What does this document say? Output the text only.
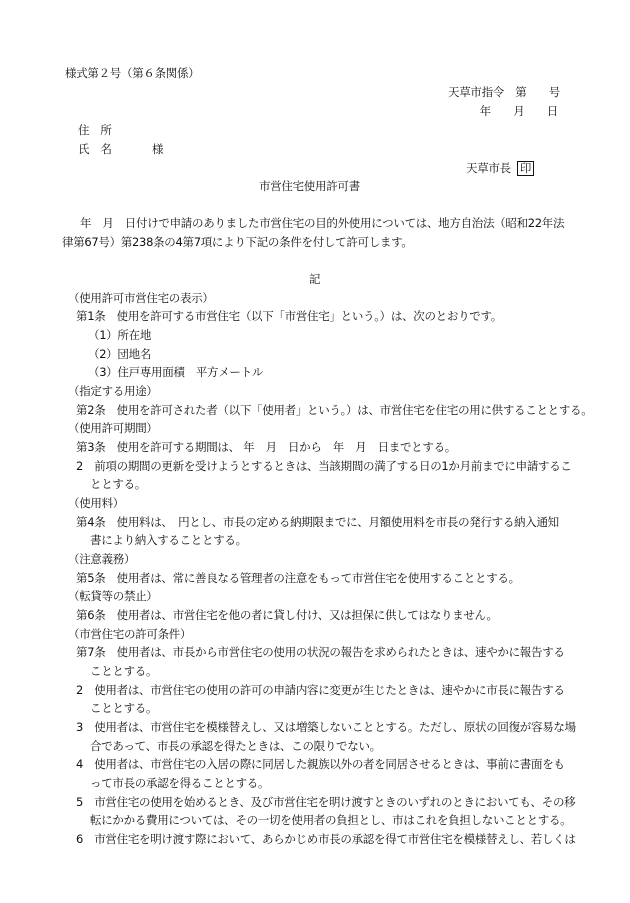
様式第２号（第６条関係）
天草市指令　第　　号
年　　月　　日
住　所
氏　名	様
天草市長 印
市営住宅使用許可書
年　月　日付けで申請のありました市営住宅の目的外使用については、地方自治法（昭和22年法
律第67号）第238条の4第7項により下記の条件を付して許可します。
記
（使用許可市営住宅の表示）
第1条　使用を許可する市営住宅（以下「市営住宅」という。）は、次のとおりです。
（1）所在地
（2）団地名
（3）住戸専用面積　平方メートル
（指定する用途）
第2条　使用を許可された者（以下「使用者」という。）は、市営住宅を住宅の用に供することとする。
（使用許可期間）
第3条　使用を許可する期間は、 年　月　日から　年　月　日までとする。
2　前項の期間の更新を受けようとするときは、当該期間の満了する日の1か月前までに申請するこ
ととする。
（使用料）
第4条　使用料は、　円とし、市長の定める納期限までに、月額使用料を市長の発行する納入通知
書により納入することとする。
（注意義務）
第5条　使用者は、常に善良なる管理者の注意をもって市営住宅を使用することとする。
（転貸等の禁止）
第6条　使用者は、市営住宅を他の者に貸し付け、又は担保に供してはなりません。
（市営住宅の許可条件）
第7条　使用者は、市長から市営住宅の使用の状況の報告を求められたときは、速やかに報告する
こととする。
2　使用者は、市営住宅の使用の許可の申請内容に変更が生じたときは、速やかに市長に報告する
こととする。
3　使用者は、市営住宅を模様替えし、又は増築しないこととする。ただし、原状の回復が容易な場
合であって、市長の承認を得たときは、この限りでない。
4　使用者は、市営住宅の入居の際に同居した親族以外の者を同居させるときは、事前に書面をも
って市長の承認を得ることとする。
5　市営住宅の使用を始めるとき、及び市営住宅を明け渡すときのいずれのときにおいても、その移
転にかかる費用については、その一切を使用者の負担とし、市はこれを負担しないこととする。
6　市営住宅を明け渡す際において、あらかじめ市長の承認を得て市営住宅を模様替えし、若しくは
